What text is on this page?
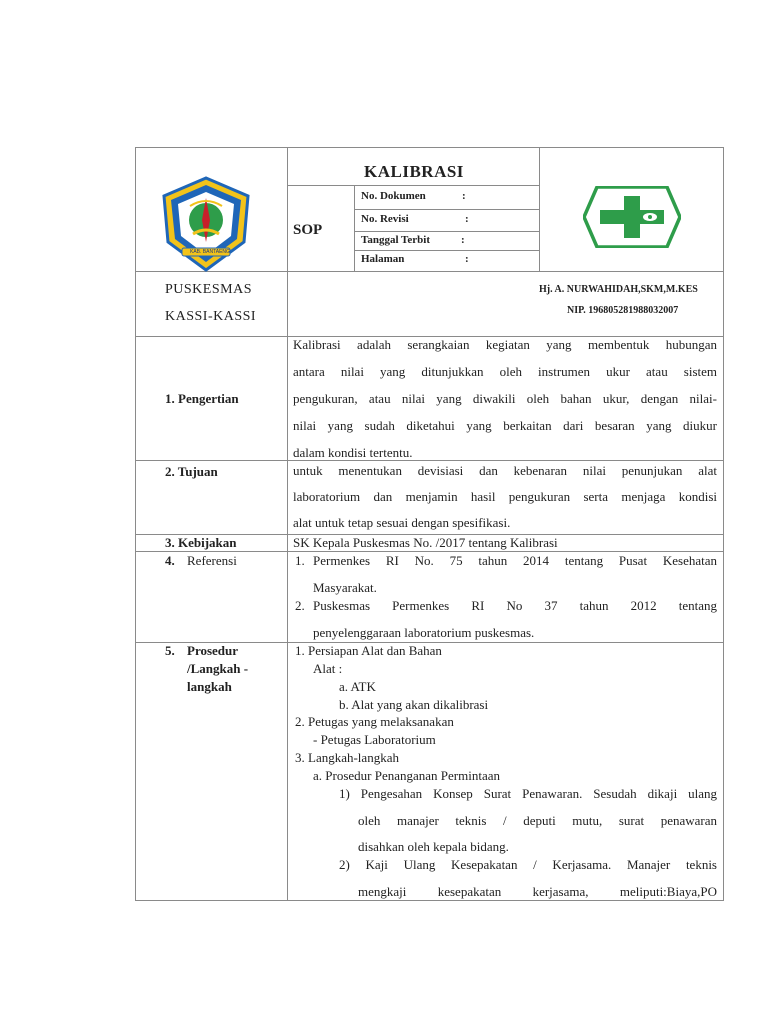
KAB. BANTAENG
KALIBRASI
SOP
No. Dokumen	:
No. Revisi	:
Tanggal Terbit	:
Halaman	:
PUSKESMAS
KASSI-KASSI
Hj. A. NURWAHIDAH,SKM,M.KES
NIP. 196805281988032007
1. Pengertian
Kalibrasi adalah serangkaian kegiatan yang membentuk hubungan
antara nilai yang ditunjukkan oleh instrumen ukur atau sistem
pengukuran, atau nilai yang diwakili oleh bahan ukur, dengan nilai-
nilai yang sudah diketahui yang berkaitan dari besaran yang diukur
dalam kondisi tertentu.
2. Tujuan	untuk menentukan devisiasi dan kebenaran nilai penunjukan alat
laboratorium dan menjamin hasil pengukuran serta menjaga kondisi
alat untuk tetap sesuai dengan spesifikasi.
3. Kebijakan	SK Kepala Puskesmas No. /2017 tentang Kalibrasi
4. Referensi	1. Permenkes RI No. 75 tahun 2014 tentang Pusat Kesehatan
Masyarakat.
2. Puskesmas Permenkes RI No 37 tahun 2012 tentang
penyelenggaraan laboratorium puskesmas.
5. Prosedur
/Langkah -
langkah
1. Persiapan Alat dan Bahan
Alat :
a. ATK
b. Alat yang akan dikalibrasi
2. Petugas yang melaksanakan
- Petugas Laboratorium
3. Langkah-langkah
a. Prosedur Penanganan Permintaan
1) Pengesahan Konsep Surat Penawaran. Sesudah dikaji ulang
oleh manajer teknis / deputi mutu, surat penawaran
disahkan oleh kepala bidang.
2) Kaji Ulang Kesepakatan / Kerjasama. Manajer teknis
mengkaji kesepakatan kerjasama, meliputi:Biaya,PO
